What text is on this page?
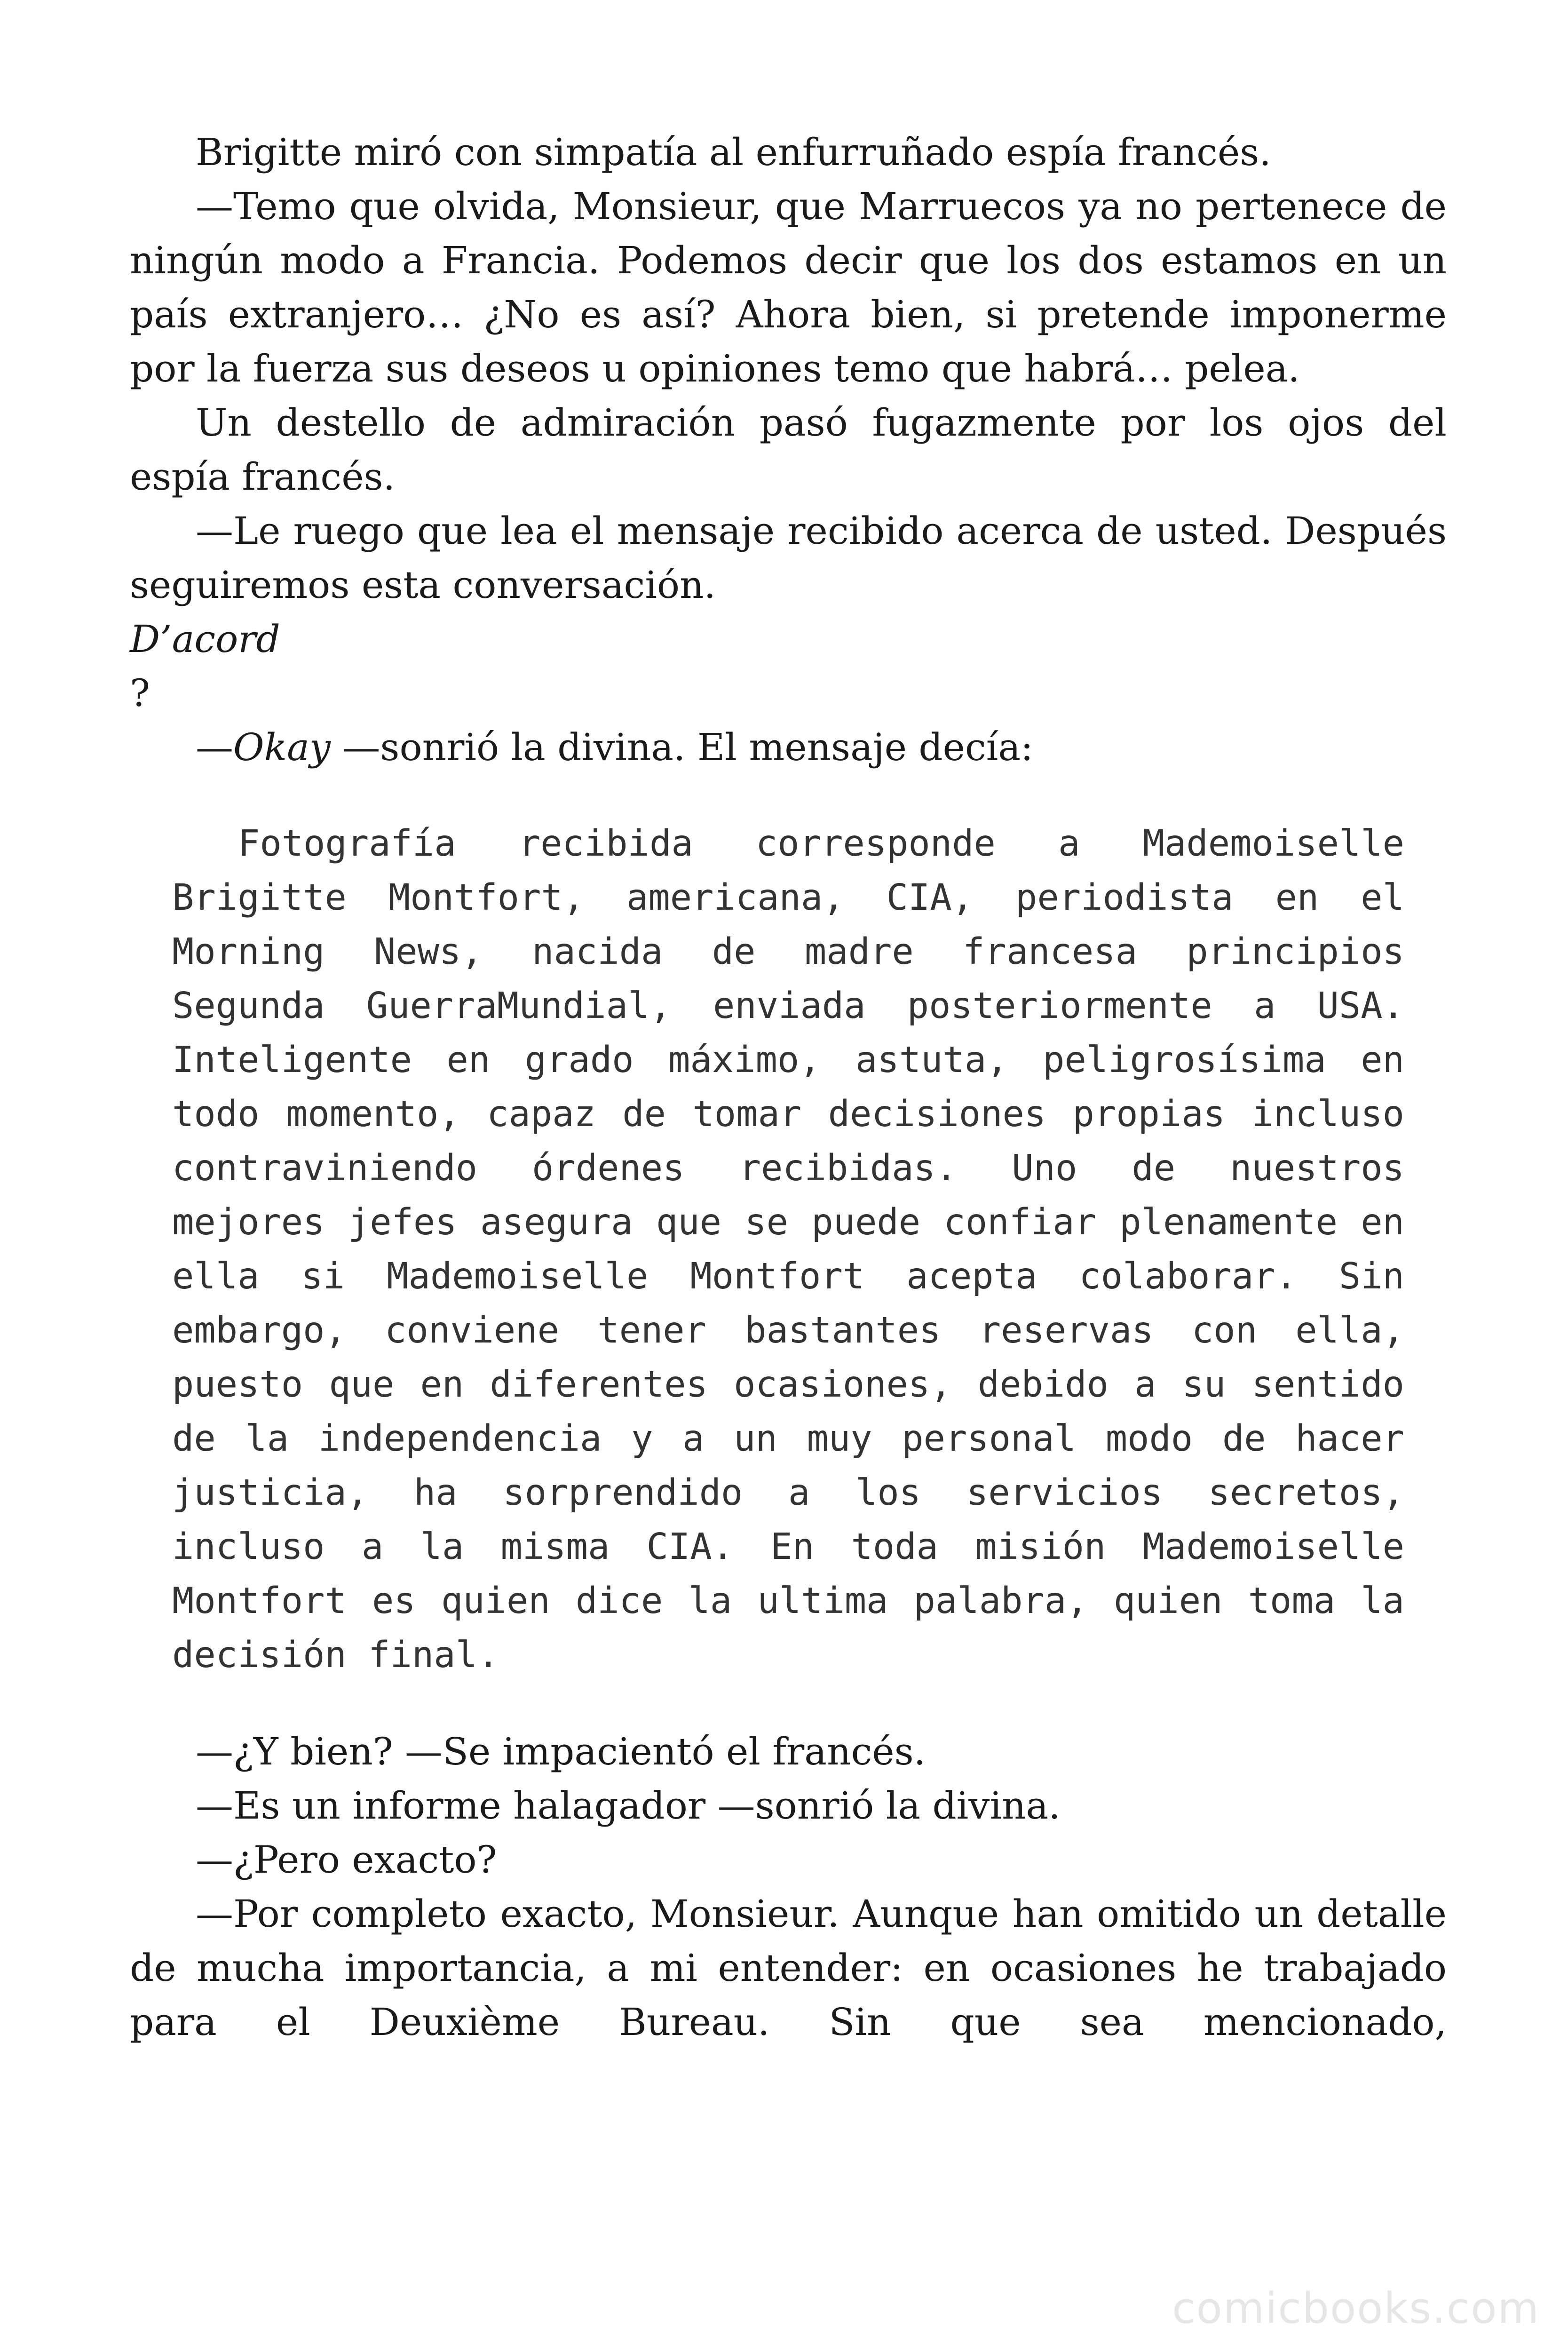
Brigitte miró con simpatía al enfurruñado espía francés.

—Temo que olvida, Monsieur, que Marruecos ya no pertenece de ningún modo a Francia. Podemos decir que los dos estamos en un país extranjero… ¿No es así? Ahora bien, si pretende imponerme por la fuerza sus deseos u opiniones temo que habrá… pelea.

Un destello de admiración pasó fugazmente por los ojos del espía francés.

—Le ruego que lea el mensaje recibido acerca de usted. Después seguiremos esta conversación.

D’acord

?

—Okay —sonrió la divina. El mensaje decía:

Fotografía recibida corresponde a Mademoiselle Brigitte Montfort, americana, CIA, periodista en el Morning News, nacida de madre francesa principios Segunda GuerraMundial, enviada posteriormente a USA. Inteligente en grado máximo, astuta, peligrosísima en todo momento, capaz de tomar decisiones propias incluso contraviniendo órdenes recibidas. Uno de nuestros mejores jefes asegura que se puede confiar plenamente en ella si Mademoiselle Montfort acepta colaborar. Sin embargo, conviene tener bastantes reservas con ella, puesto que en diferentes ocasiones, debido a su sentido de la independencia y a un muy personal modo de hacer justicia, ha sorprendido a los servicios secretos, incluso a la misma CIA. En toda misión Mademoiselle Montfort es quien dice la ultima palabra, quien toma la decisión final.

—¿Y bien? —Se impacientó el francés.

—Es un informe halagador —sonrió la divina.

—¿Pero exacto?

—Por completo exacto, Monsieur. Aunque han omitido un detalle de mucha importancia, a mi entender: en ocasiones he trabajado para el Deuxième Bureau. Sin que sea mencionado,

comicbooks.com
